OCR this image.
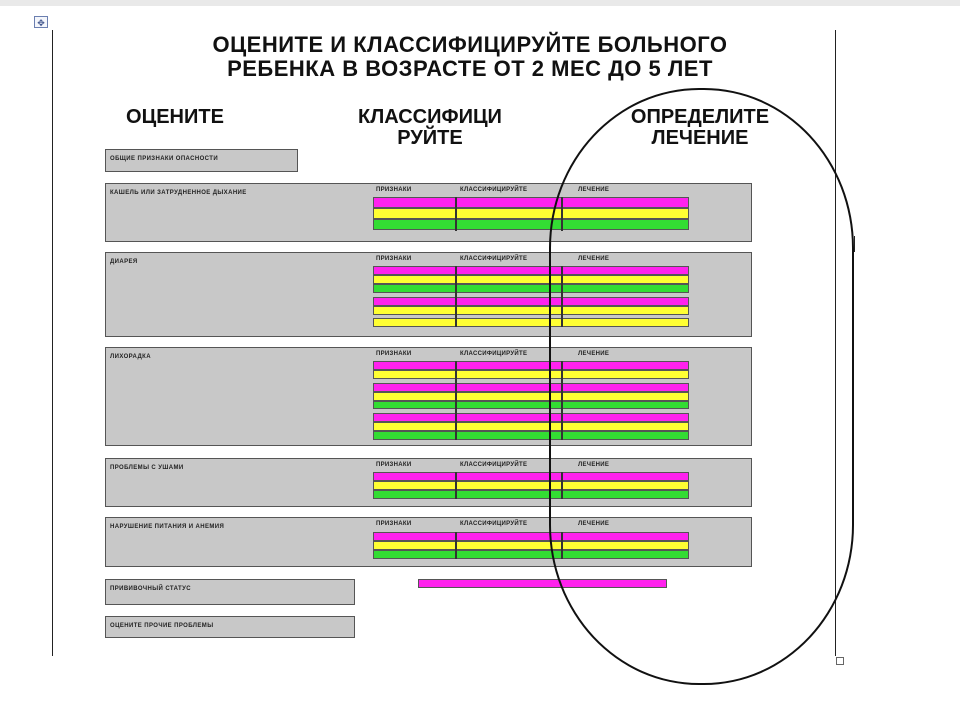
✥
ОЦЕНИТЕ И КЛАССИФИЦИРУЙТЕ БОЛЬНОГО
РЕБЕНКА В ВОЗРАСТЕ ОТ 2 МЕС ДО 5 ЛЕТ
ОЦЕНИТЕ	КЛАССИФИЦИ
РУЙТЕ
ОПРЕДЕЛИТЕ
ЛЕЧЕНИЕ
ОБЩИЕ ПРИЗНАКИ ОПАСНОСТИ
КАШЕЛЬ ИЛИ ЗАТРУДНЕННОЕ ДЫХАНИЕ	ПРИЗНАКИ	КЛАССИФИЦИРУЙТЕ	ЛЕЧЕНИЕ
ДИАРЕЯ	ПРИЗНАКИ	КЛАССИФИЦИРУЙТЕ	ЛЕЧЕНИЕ
ЛИХОРАДКА	ПРИЗНАКИ	КЛАССИФИЦИРУЙТЕ	ЛЕЧЕНИЕ
ПРОБЛЕМЫ С УШАМИ	ПРИЗНАКИ	КЛАССИФИЦИРУЙТЕ	ЛЕЧЕНИЕ
НАРУШЕНИЕ ПИТАНИЯ И АНЕМИЯ	ПРИЗНАКИ	КЛАССИФИЦИРУЙТЕ	ЛЕЧЕНИЕ
ПРИВИВОЧНЫЙ СТАТУС
ОЦЕНИТЕ ПРОЧИЕ ПРОБЛЕМЫ
